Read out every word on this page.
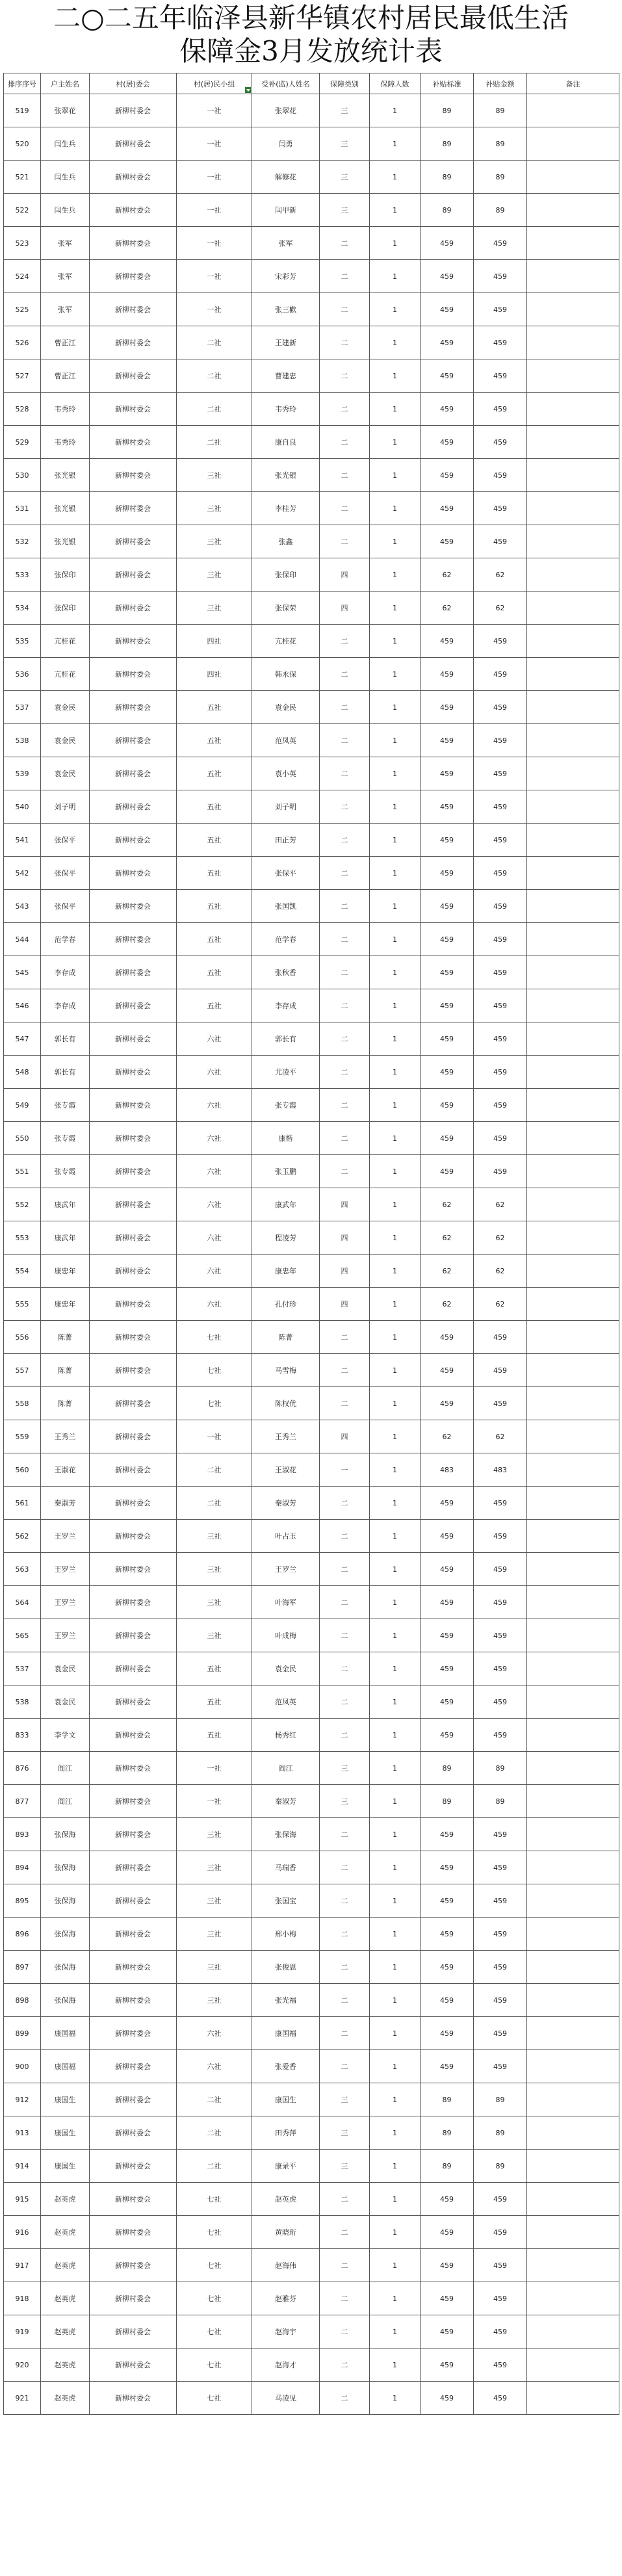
二○二五年临泽县新华镇农村居民最低生活
保障金3月发放统计表
排序序号	户主姓名	村(居)委会	村(居)民小组	受补(监)人姓名	保障类别	保障人数	补贴标准	补贴金额	备注
519	张翠花	新柳村委会	一社	张翠花	三	1	89	89	
520	闫生兵	新柳村委会	一社	闫勇	三	1	89	89	
521	闫生兵	新柳村委会	一社	解修花	三	1	89	89	
522	闫生兵	新柳村委会	一社	闫甲新	三	1	89	89	
523	张军	新柳村委会	一社	张军	二	1	459	459	
524	张军	新柳村委会	一社	宋彩芳	二	1	459	459	
525	张军	新柳村委会	一社	张三歡	二	1	459	459	
526	曹正江	新柳村委会	二社	王建新	二	1	459	459	
527	曹正江	新柳村委会	二社	曹建忠	二	1	459	459	
528	韦秀玲	新柳村委会	二社	韦秀玲	二	1	459	459	
529	韦秀玲	新柳村委会	二社	康自良	二	1	459	459	
530	张光银	新柳村委会	三社	张光银	二	1	459	459	
531	张光银	新柳村委会	三社	李桂芳	二	1	459	459	
532	张光银	新柳村委会	三社	张鑫	二	1	459	459	
533	张保印	新柳村委会	三社	张保印	四	1	62	62	
534	张保印	新柳村委会	三社	张保荣	四	1	62	62	
535	亢桂花	新柳村委会	四社	亢桂花	二	1	459	459	
536	亢桂花	新柳村委会	四社	韩永保	二	1	459	459	
537	袁金民	新柳村委会	五社	袁金民	二	1	459	459	
538	袁金民	新柳村委会	五社	范凤英	二	1	459	459	
539	袁金民	新柳村委会	五社	袁小英	二	1	459	459	
540	刘子明	新柳村委会	五社	刘子明	二	1	459	459	
541	张保平	新柳村委会	五社	田正芳	二	1	459	459	
542	张保平	新柳村委会	五社	张保平	二	1	459	459	
543	张保平	新柳村委会	五社	张国凯	二	1	459	459	
544	范学春	新柳村委会	五社	范学春	二	1	459	459	
545	李存成	新柳村委会	五社	张秋香	二	1	459	459	
546	李存成	新柳村委会	五社	李存成	二	1	459	459	
547	郭长有	新柳村委会	六社	郭长有	二	1	459	459	
548	郭长有	新柳村委会	六社	尤凌平	二	1	459	459	
549	张专霞	新柳村委会	六社	张专霞	二	1	459	459	
550	张专霞	新柳村委会	六社	康楷	二	1	459	459	
551	张专霞	新柳村委会	六社	张玉鹏	二	1	459	459	
552	康武年	新柳村委会	六社	康武年	四	1	62	62	
553	康武年	新柳村委会	六社	程凌芳	四	1	62	62	
554	康忠年	新柳村委会	六社	康忠年	四	1	62	62	
555	康忠年	新柳村委会	六社	孔付珍	四	1	62	62	
556	陈菁	新柳村委会	七社	陈菁	二	1	459	459	
557	陈菁	新柳村委会	七社	马雪梅	二	1	459	459	
558	陈菁	新柳村委会	七社	陈权优	二	1	459	459	
559	王秀兰	新柳村委会	一社	王秀兰	四	1	62	62	
560	王淑花	新柳村委会	二社	王淑花	一	1	483	483	
561	秦淑芳	新柳村委会	二社	秦淑芳	二	1	459	459	
562	王罗兰	新柳村委会	三社	叶占玉	二	1	459	459	
563	王罗兰	新柳村委会	三社	王罗兰	二	1	459	459	
564	王罗兰	新柳村委会	三社	叶海军	二	1	459	459	
565	王罗兰	新柳村委会	三社	叶成梅	二	1	459	459	
537	袁金民	新柳村委会	五社	袁金民	二	1	459	459	
538	袁金民	新柳村委会	五社	范凤英	二	1	459	459	
833	李学文	新柳村委会	五社	杨秀红	二	1	459	459	
876	阎江	新柳村委会	一社	阎江	三	1	89	89	
877	阎江	新柳村委会	一社	秦淑芳	三	1	89	89	
893	张保海	新柳村委会	三社	张保海	二	1	459	459	
894	张保海	新柳村委会	三社	马瑞香	二	1	459	459	
895	张保海	新柳村委会	三社	张国宝	二	1	459	459	
896	张保海	新柳村委会	三社	邢小梅	二	1	459	459	
897	张保海	新柳村委会	三社	张俊恩	二	1	459	459	
898	张保海	新柳村委会	三社	张光福	二	1	459	459	
899	康国福	新柳村委会	六社	康国福	二	1	459	459	
900	康国福	新柳村委会	六社	张爱香	二	1	459	459	
912	康国生	新柳村委会	二社	康国生	三	1	89	89	
913	康国生	新柳村委会	二社	田秀萍	三	1	89	89	
914	康国生	新柳村委会	二社	康录平	三	1	89	89	
915	赵英虎	新柳村委会	七社	赵英虎	二	1	459	459	
916	赵英虎	新柳村委会	七社	黄晓珩	二	1	459	459	
917	赵英虎	新柳村委会	七社	赵海伟	二	1	459	459	
918	赵英虎	新柳村委会	七社	赵雅芬	二	1	459	459	
919	赵英虎	新柳村委会	七社	赵海宇	二	1	459	459	
920	赵英虎	新柳村委会	七社	赵海才	二	1	459	459	
921	赵英虎	新柳村委会	七社	马凌见	二	1	459	459	
